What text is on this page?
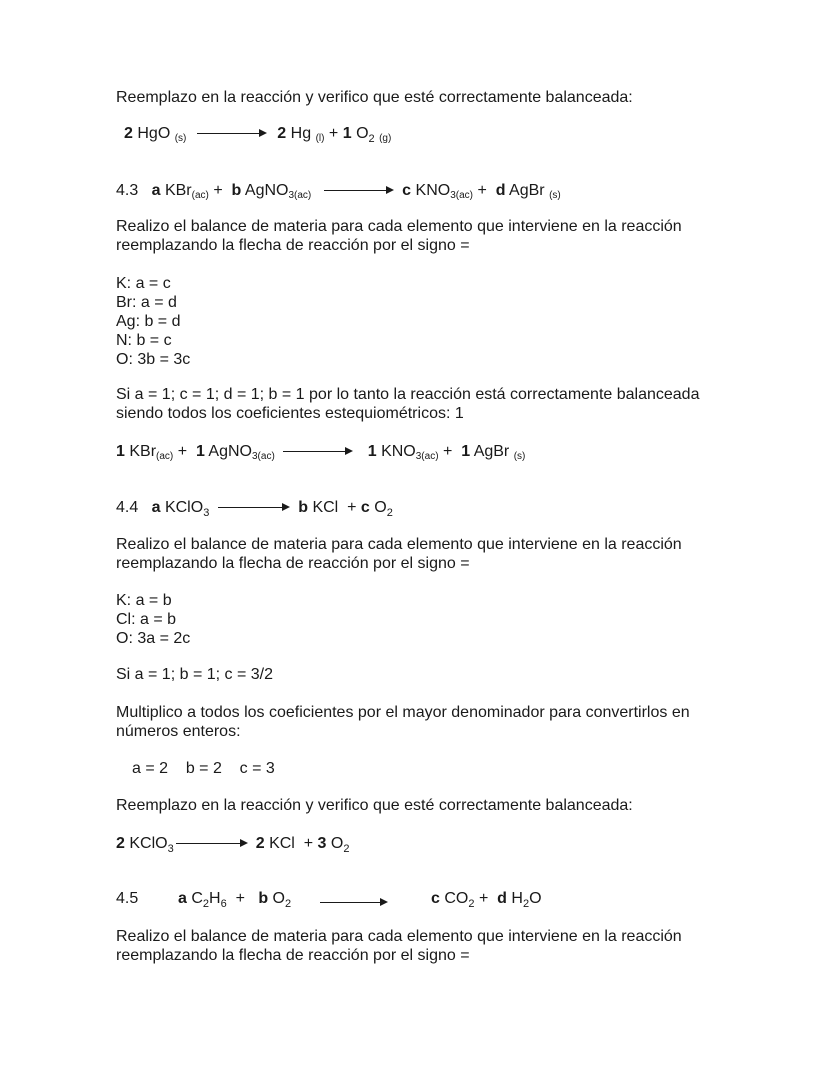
Reemplazo en la reacción y verifico que esté correctamente balanceada:
2 HgO (s)	2 Hg (l) + 1 $O_2$ (g)
4.3 a KBr(ac) + b AgNO3(ac)	c KNO3(ac) + d AgBr (s)
Realizo el balance de materia para cada elemento que interviene en la reacción
reemplazando la flecha de reacción por el signo =
K: a = c
Br: a = d
Ag: b = d
N: b = c
O: 3b = 3c
Si a = 1; c = 1; d = 1; b = 1 por lo tanto la reacción está correctamente balanceada
siendo todos los coeficientes estequiométricos: 1
1 KBr(ac) + 1 AgNO3(ac)	1 KNO3(ac) + 1 AgBr (s)
4.4 a KClO$_3$	b KCl + c $O_2$
Realizo el balance de materia para cada elemento que interviene en la reacción
reemplazando la flecha de reacción por el signo =
K: a = b
Cl: a = b
O: 3a = 2c
Si a = 1; b = 1; c = 3/2
Multiplico a todos los coeficientes por el mayor denominador para convertirlos en
números enteros:
a = 2    b = 2    c = 3
Reemplazo en la reacción y verifico que esté correctamente balanceada:
2 KClO$_3$	2 KCl + 3 $O_2$
4.5 a $C_2H_6 + b$ $O_2$	c $CO_2 + d$ $H_2O$
Realizo el balance de materia para cada elemento que interviene en la reacción
reemplazando la flecha de reacción por el signo =
